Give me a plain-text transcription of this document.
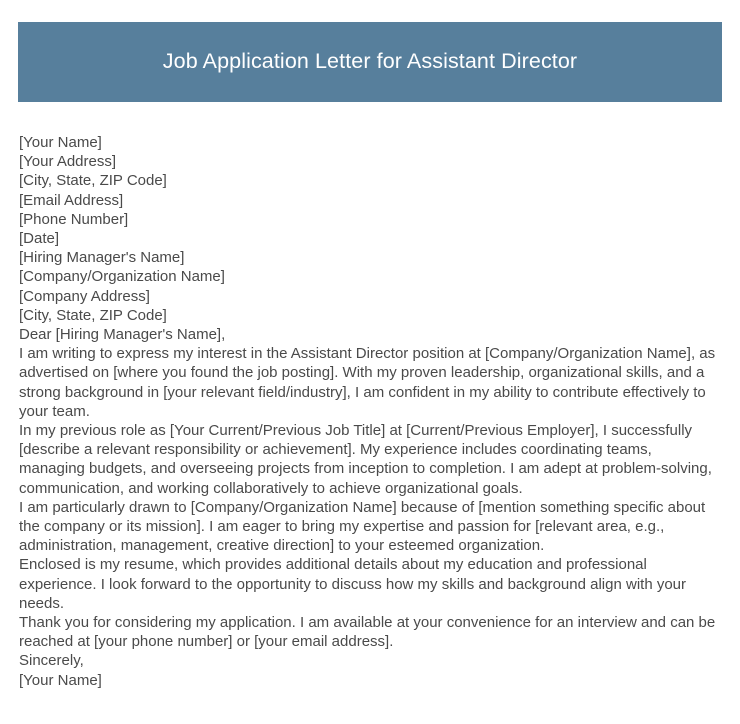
Job Application Letter for Assistant Director

[Your Name]

[Your Address]

[City, State, ZIP Code]

[Email Address]

[Phone Number]

[Date]

[Hiring Manager's Name]

[Company/Organization Name]

[Company Address]

[City, State, ZIP Code]

Dear [Hiring Manager's Name],

I am writing to express my interest in the Assistant Director position at [Company/Organization Name], as advertised on [where you found the job posting]. With my proven leadership, organizational skills, and a strong background in [your relevant field/industry], I am confident in my ability to contribute effectively to your team.

In my previous role as [Your Current/Previous Job Title] at [Current/Previous Employer], I successfully [describe a relevant responsibility or achievement]. My experience includes coordinating teams, managing budgets, and overseeing projects from inception to completion. I am adept at problem-solving, communication, and working collaboratively to achieve organizational goals.

I am particularly drawn to [Company/Organization Name] because of [mention something specific about the company or its mission]. I am eager to bring my expertise and passion for [relevant area, e.g., administration, management, creative direction] to your esteemed organization.

Enclosed is my resume, which provides additional details about my education and professional experience. I look forward to the opportunity to discuss how my skills and background align with your needs.

Thank you for considering my application. I am available at your convenience for an interview and can be reached at [your phone number] or [your email address].

Sincerely,

[Your Name]
